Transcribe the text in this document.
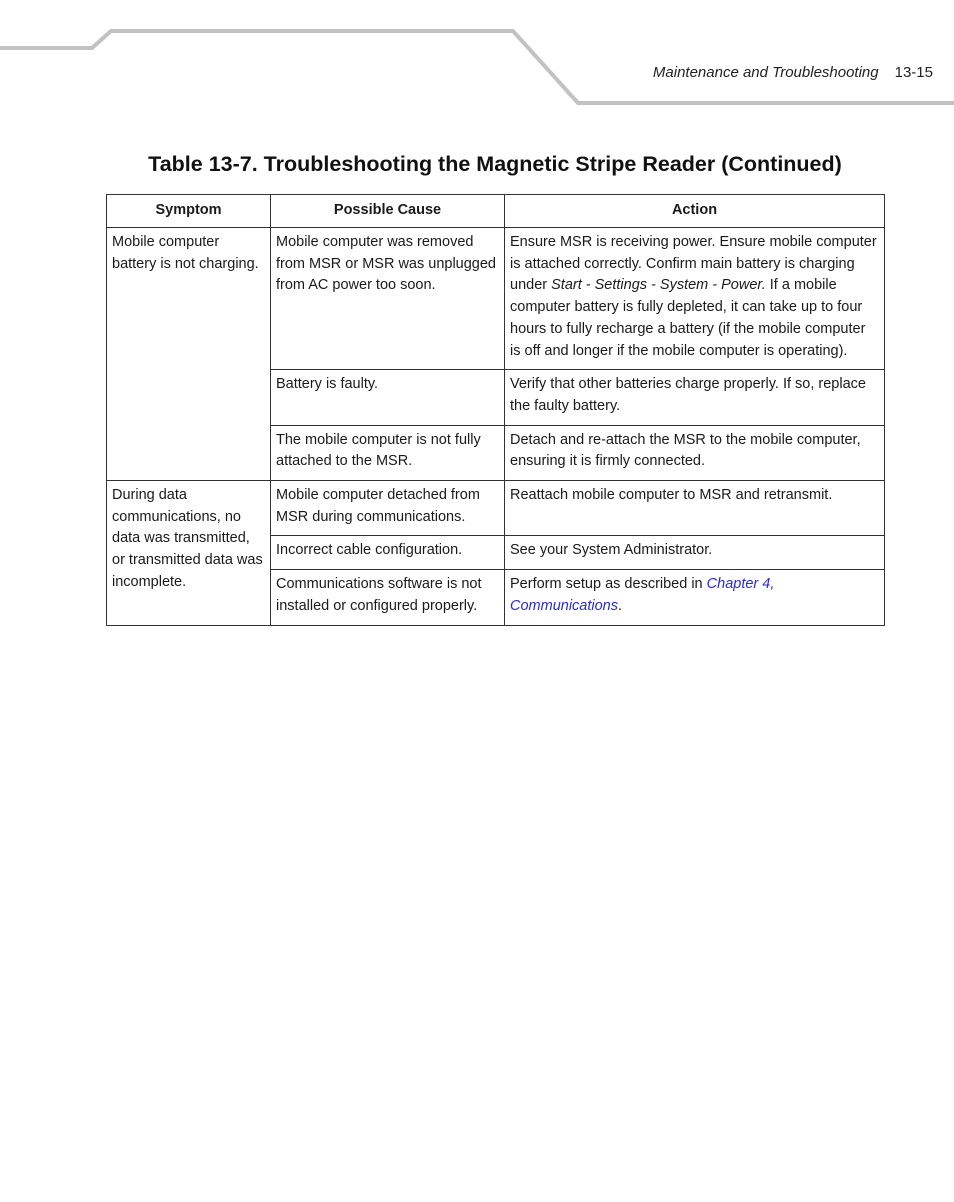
Maintenance and Troubleshooting 13-15
Table 13-7. Troubleshooting the Magnetic Stripe Reader (Continued)
Symptom	Possible Cause	Action
Mobile computer battery is not charging.	Mobile computer was removed from MSR or MSR was unplugged from AC power too soon.	Ensure MSR is receiving power. Ensure mobile computer is attached correctly. Confirm main battery is charging under Start - Settings - System - Power. If a mobile computer battery is fully depleted, it can take up to four hours to fully recharge a battery (if the mobile computer is off and longer if the mobile computer is operating).
	Battery is faulty.	Verify that other batteries charge properly. If so, replace the faulty battery.
	The mobile computer is not fully attached to the MSR.	Detach and re-attach the MSR to the mobile computer, ensuring it is firmly connected.
During data communications, no data was transmitted, or transmitted data was incomplete.	Mobile computer detached from MSR during communications.	Reattach mobile computer to MSR and retransmit.
	Incorrect cable configuration.	See your System Administrator.
	Communications software is not installed or configured properly.	Perform setup as described in Chapter 4, Communications.
